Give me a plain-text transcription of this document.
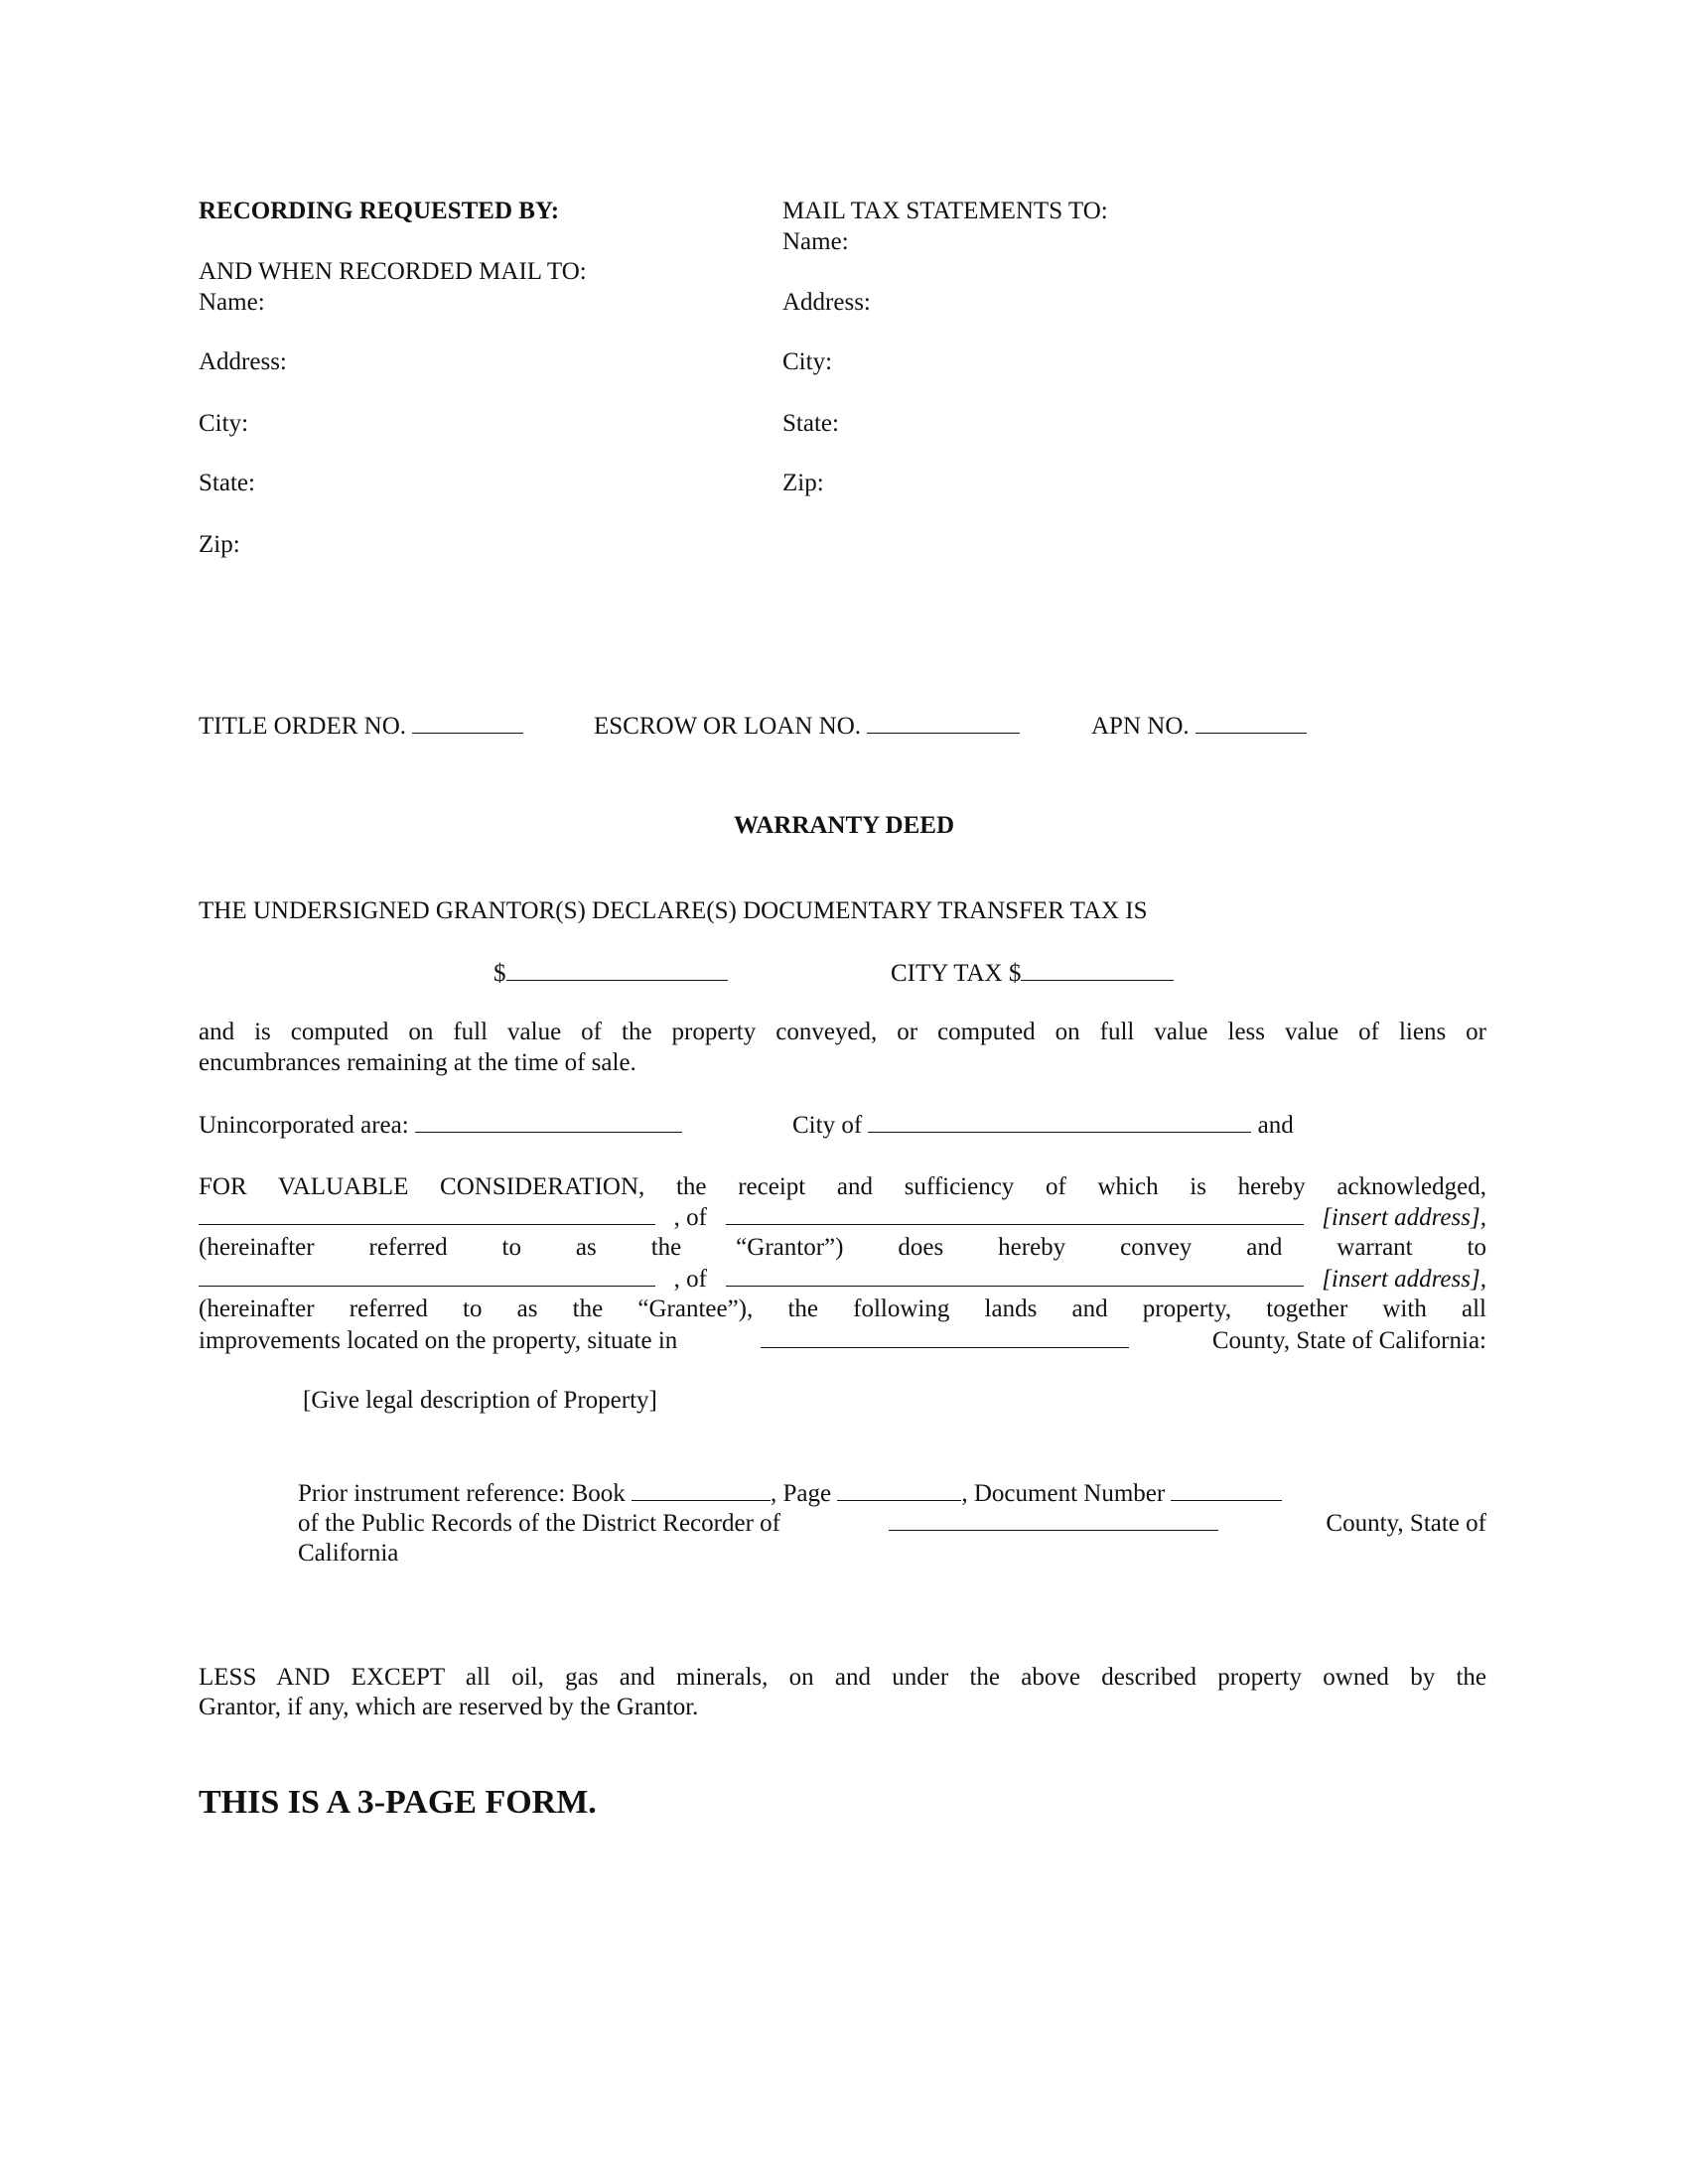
RECORDING REQUESTED BY:
AND WHEN RECORDED MAIL TO:
Name:
Address:
City:
State:
Zip:
MAIL TAX STATEMENTS TO:
Name:
Address:
City:
State:
Zip:
TITLE ORDER NO.	ESCROW OR LOAN NO.	APN NO.
WARRANTY DEED
THE UNDERSIGNED GRANTOR(S) DECLARE(S) DOCUMENTARY TRANSFER TAX IS
$	CITY TAX $
and is computed on full value of the property conveyed, or computed on full value less value of liens or
encumbrances remaining at the time of sale.
Unincorporated area:	City of	and
FOR VALUABLE CONSIDERATION, the receipt and sufficiency of which is hereby acknowledged,
, of	[insert address],
(hereinafter referred to as the “Grantor”) does hereby convey and warrant to
, of	[insert address],
(hereinafter referred to as the “Grantee”), the following lands and property, together with all
improvements located on the property, situate in	County, State of California:
[Give legal description of Property]
Prior instrument reference: Book	, Page	, Document Number
of the Public Records of the District Recorder of	County, State of
California
LESS AND EXCEPT all oil, gas and minerals, on and under the above described property owned by the
Grantor, if any, which are reserved by the Grantor.
THIS IS A 3-PAGE FORM.
